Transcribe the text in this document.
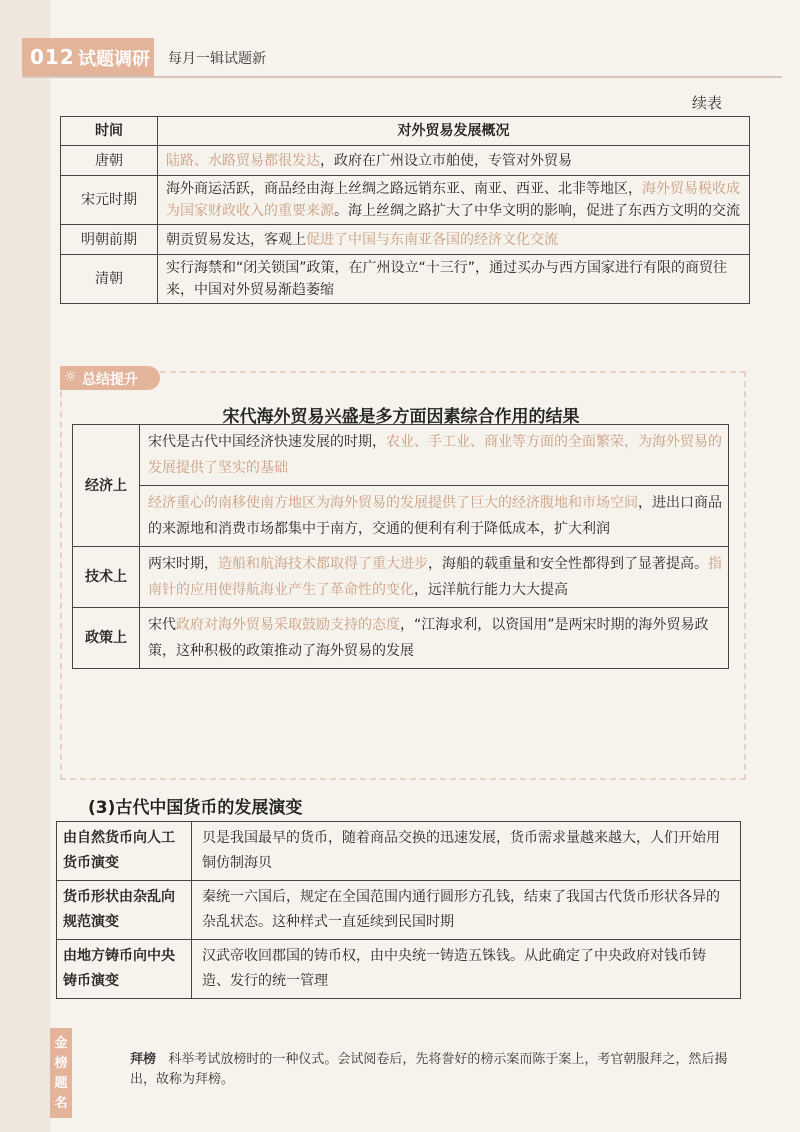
012 试题调研 每月一辑试题新
续表
时间	对外贸易发展概况
唐朝	陆路、水路贸易都很发达，政府在广州设立市舶使，专管对外贸易
宋元时期	海外商运活跃，商品经由海上丝绸之路远销东亚、南亚、西亚、北非等地区，海外贸易税收成为国家财政收入的重要来源。海上丝绸之路扩大了中华文明的影响，促进了东西方文明的交流
明朝前期	朝贡贸易发达，客观上促进了中国与东南亚各国的经济文化交流
清朝	实行海禁和“闭关锁国”政策，在广州设立“十三行”，通过买办与西方国家进行有限的商贸往来，中国对外贸易渐趋萎缩
☼ 总结提升
宋代海外贸易兴盛是多方面因素综合作用的结果
经济上	宋代是古代中国经济快速发展的时期，农业、手工业、商业等方面的全面繁荣，为海外贸易的发展提供了坚实的基础
	经济重心的南移使南方地区为海外贸易的发展提供了巨大的经济腹地和市场空间，进出口商品的来源地和消费市场都集中于南方，交通的便利有利于降低成本，扩大利润
技术上	两宋时期，造船和航海技术都取得了重大进步，海船的载重量和安全性都得到了显著提高。指南针的应用使得航海业产生了革命性的变化，远洋航行能力大大提高
政策上	宋代政府对海外贸易采取鼓励支持的态度，“江海求利，以资国用”是两宋时期的海外贸易政策，这种积极的政策推动了海外贸易的发展
(3)古代中国货币的发展演变
由自然货币向人工货币演变	贝是我国最早的货币，随着商品交换的迅速发展，货币需求量越来越大，人们开始用铜仿制海贝
货币形状由杂乱向规范演变	秦统一六国后，规定在全国范围内通行圆形方孔钱，结束了我国古代货币形状各异的杂乱状态。这种样式一直延续到民国时期
由地方铸币向中央铸币演变	汉武帝收回郡国的铸币权，由中央统一铸造五铢钱。从此确定了中央政府对钱币铸造、发行的统一管理
金榜题名
拜榜 科举考试放榜时的一种仪式。会试阅卷后，先将誊好的榜示案而陈于案上，考官朝服拜之，然后揭出，故称为拜榜。
